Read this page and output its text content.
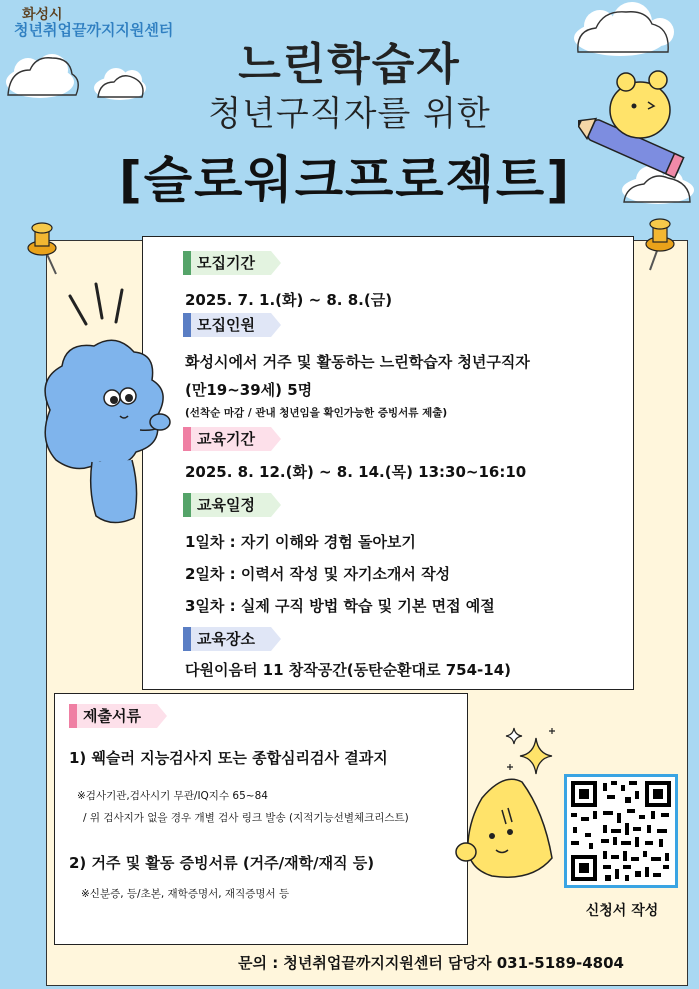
화성시
청년취업끝까지지원센터
느린학습자
청년구직자를 위한
[슬로워크프로젝트]
모집기간
2025. 7. 1.(화) ~ 8. 8.(금)
모집인원
화성시에서 거주 및 활동하는 느린학습자 청년구직자
(만19~39세) 5명
(선착순 마감 / 관내 청년임을 확인가능한 증빙서류 제출)
교육기간
2025. 8. 12.(화) ~ 8. 14.(목) 13:30~16:10
교육일정
1일차 : 자기 이해와 경험 돌아보기
2일차 : 이력서 작성 및 자기소개서 작성
3일차 : 실제 구직 방법 학습 및 기본 면접 예절
교육장소
다원이음터 11 창작공간(동탄순환대로 754-14)
제출서류
1) 웩슬러 지능검사지 또는 종합심리검사 결과지
※검사기관,검사시기 무관/IQ지수 65~84
/ 위 검사지가 없을 경우 개별 검사 링크 발송 (지적기능선별체크리스트)
2) 거주 및 활동 증빙서류 (거주/재학/재직 등)
※신분증, 등/초본, 재학증명서, 재직증명서 등
신청서 작성
문의 : 청년취업끝까지지원센터 담당자 031-5189-4804
